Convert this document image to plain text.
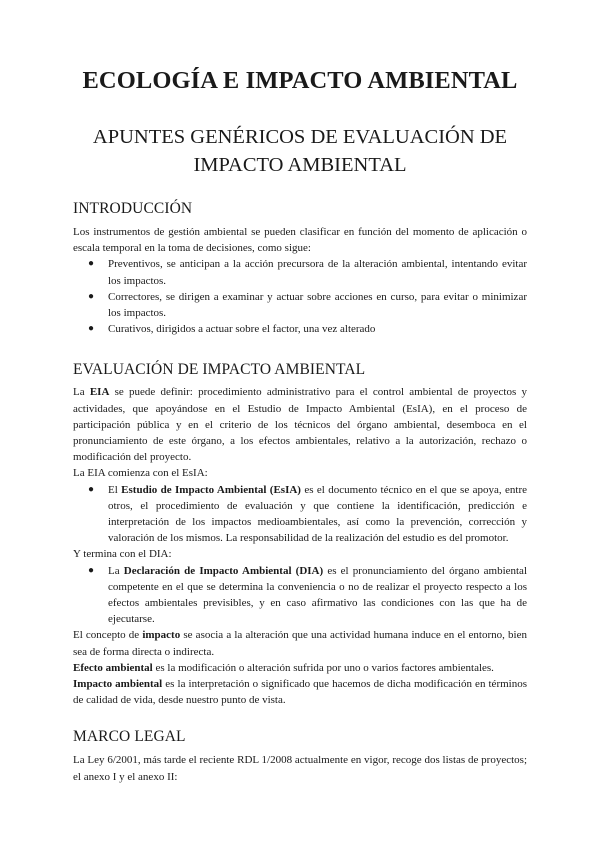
ECOLOGÍA E IMPACTO AMBIENTAL
APUNTES GENÉRICOS DE EVALUACIÓN DE
IMPACTO AMBIENTAL
INTRODUCCIÓN

Los instrumentos de gestión ambiental se pueden clasificar en función del momento de aplicación o escala temporal en la toma de decisiones, como sigue:

● Preventivos, se anticipan a la acción precursora de la alteración ambiental, intentando evitar los impactos.
● Correctores, se dirigen a examinar y actuar sobre acciones en curso, para evitar o minimizar los impactos.
● Curativos, dirigidos a actuar sobre el factor, una vez alterado
EVALUACIÓN DE IMPACTO AMBIENTAL

La EIA se puede definir: procedimiento administrativo para el control ambiental de proyectos y actividades, que apoyándose en el Estudio de Impacto Ambiental (EsIA), en el proceso de participación pública y en el criterio de los técnicos del órgano ambiental, desemboca en el pronunciamiento de este órgano, a los efectos ambientales, relativo a la autorización, rechazo o modificación del proyecto.

La EIA comienza con el EsIA:

● El Estudio de Impacto Ambiental (EsIA) es el documento técnico en el que se apoya, entre otros, el procedimiento de evaluación y que contiene la identificación, predicción e interpretación de los impactos medioambientales, así como la prevención, corrección y valoración de los mismos. La responsabilidad de la realización del estudio es del promotor.

Y termina con el DIA:

● La Declaración de Impacto Ambiental (DIA) es el pronunciamiento del órgano ambiental competente en el que se determina la conveniencia o no de realizar el proyecto respecto a los efectos ambientales previsibles, y en caso afirmativo las condiciones con las que ha de ejecutarse.

El concepto de impacto se asocia a la alteración que una actividad humana induce en el entorno, bien sea de forma directa o indirecta.

Efecto ambiental es la modificación o alteración sufrida por uno o varios factores ambientales.

Impacto ambiental es la interpretación o significado que hacemos de dicha modificación en términos de calidad de vida, desde nuestro punto de vista.

MARCO LEGAL

La Ley 6/2001, más tarde el reciente RDL 1/2008 actualmente en vigor, recoge dos listas de proyectos; el anexo I y el anexo II:
